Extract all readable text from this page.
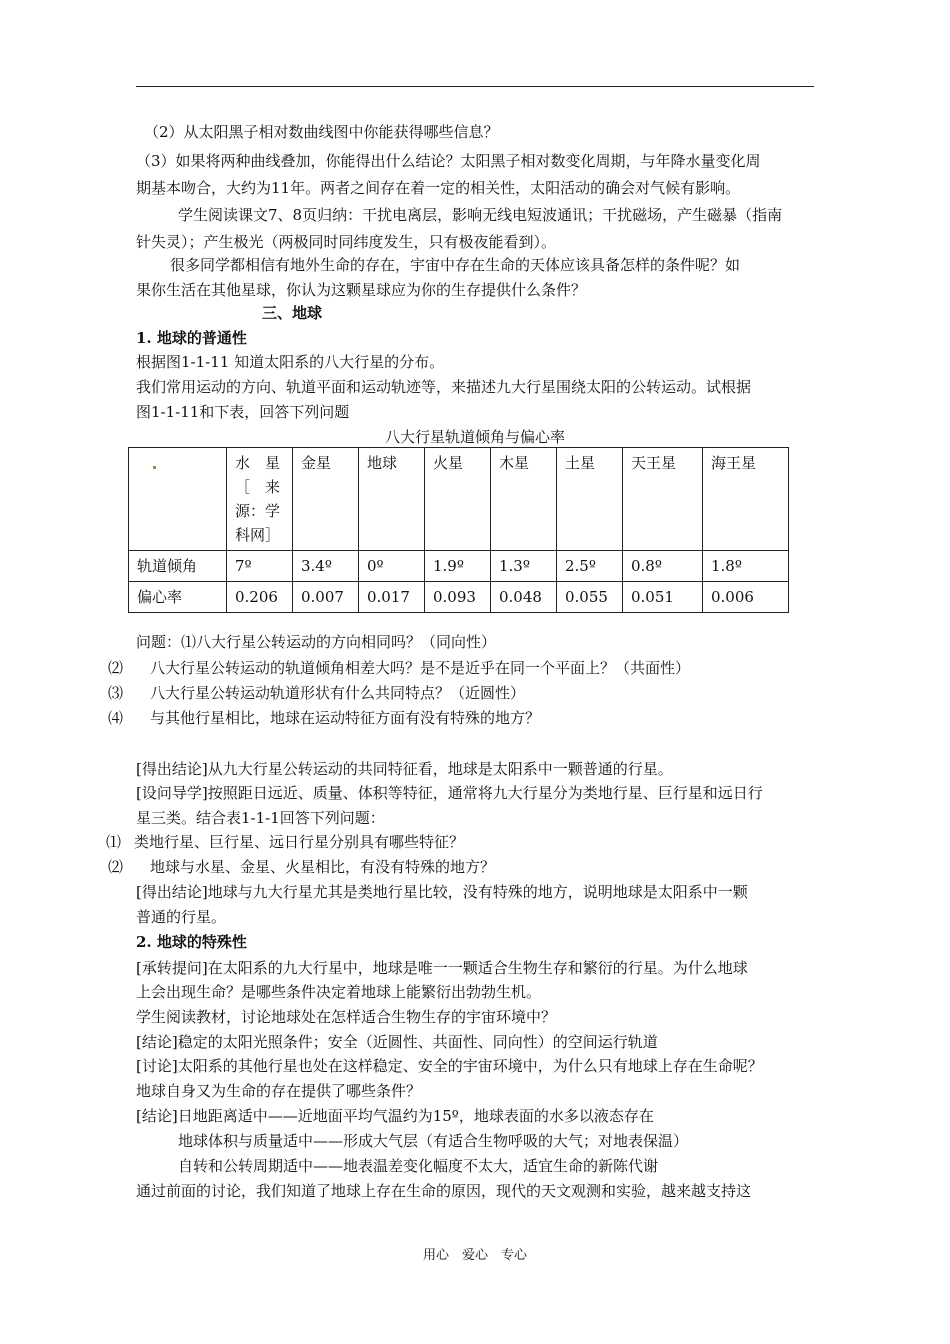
（2）从太阳黑子相对数曲线图中你能获得哪些信息？
（3）如果将两种曲线叠加，你能得出什么结论？太阳黑子相对数变化周期，与年降水量变化周
期基本吻合，大约为11年。两者之间存在着一定的相关性，太阳活动的确会对气候有影响。
学生阅读课文7、8页归纳：干扰电离层，影响无线电短波通讯；干扰磁场，产生磁暴（指南
针失灵）；产生极光（两极同时同纬度发生，只有极夜能看到）。
很多同学都相信有地外生命的存在，宇宙中存在生命的天体应该具备怎样的条件呢？如
果你生活在其他星球，你认为这颗星球应为你的生存提供什么条件？
三、地球
1. 地球的普通性
根据图1-1-11 知道太阳系的八大行星的分布。
我们常用运动的方向、轨道平面和运动轨迹等，来描述九大行星围绕太阳的公转运动。试根据
图1-1-11和下表，回答下列问题
八大行星轨道倾角与偏心率
	水　星［　来源：学科网］	金星	地球	火星	木星	土星	天王星	海王星
轨道倾角	7º	3.4º	0º	1.9º	1.3º	2.5º	0.8º	1.8º
偏心率	0.206	0.007	0.017	0.093	0.048	0.055	0.051	0.006
问题：⑴八大行星公转运动的方向相同吗？（同向性）
⑵ 八大行星公转运动的轨道倾角相差大吗？是不是近乎在同一个平面上？（共面性）
⑶ 八大行星公转运动轨道形状有什么共同特点？（近圆性）
⑷ 与其他行星相比，地球在运动特征方面有没有特殊的地方？
[得出结论]从九大行星公转运动的共同特征看，地球是太阳系中一颗普通的行星。
[设问导学]按照距日远近、质量、体积等特征，通常将九大行星分为类地行星、巨行星和远日行
星三类。结合表1-1-1回答下列问题：
⑴ 类地行星、巨行星、远日行星分别具有哪些特征？
⑵ 地球与水星、金星、火星相比，有没有特殊的地方？
[得出结论]地球与九大行星尤其是类地行星比较，没有特殊的地方，说明地球是太阳系中一颗
普通的行星。
2. 地球的特殊性
[承转提问]在太阳系的九大行星中，地球是唯一一颗适合生物生存和繁衍的行星。为什么地球
上会出现生命？是哪些条件决定着地球上能繁衍出勃勃生机。
学生阅读教材，讨论地球处在怎样适合生物生存的宇宙环境中？
[结论]稳定的太阳光照条件；安全（近圆性、共面性、同向性）的空间运行轨道
[讨论]太阳系的其他行星也处在这样稳定、安全的宇宙环境中，为什么只有地球上存在生命呢？
地球自身又为生命的存在提供了哪些条件？
[结论]日地距离适中——近地面平均气温约为15º，地球表面的水多以液态存在
地球体积与质量适中——形成大气层（有适合生物呼吸的大气；对地表保温）
自转和公转周期适中——地表温差变化幅度不太大，适宜生命的新陈代谢
通过前面的讨论，我们知道了地球上存在生命的原因，现代的天文观测和实验，越来越支持这
用心　爱心　专心
